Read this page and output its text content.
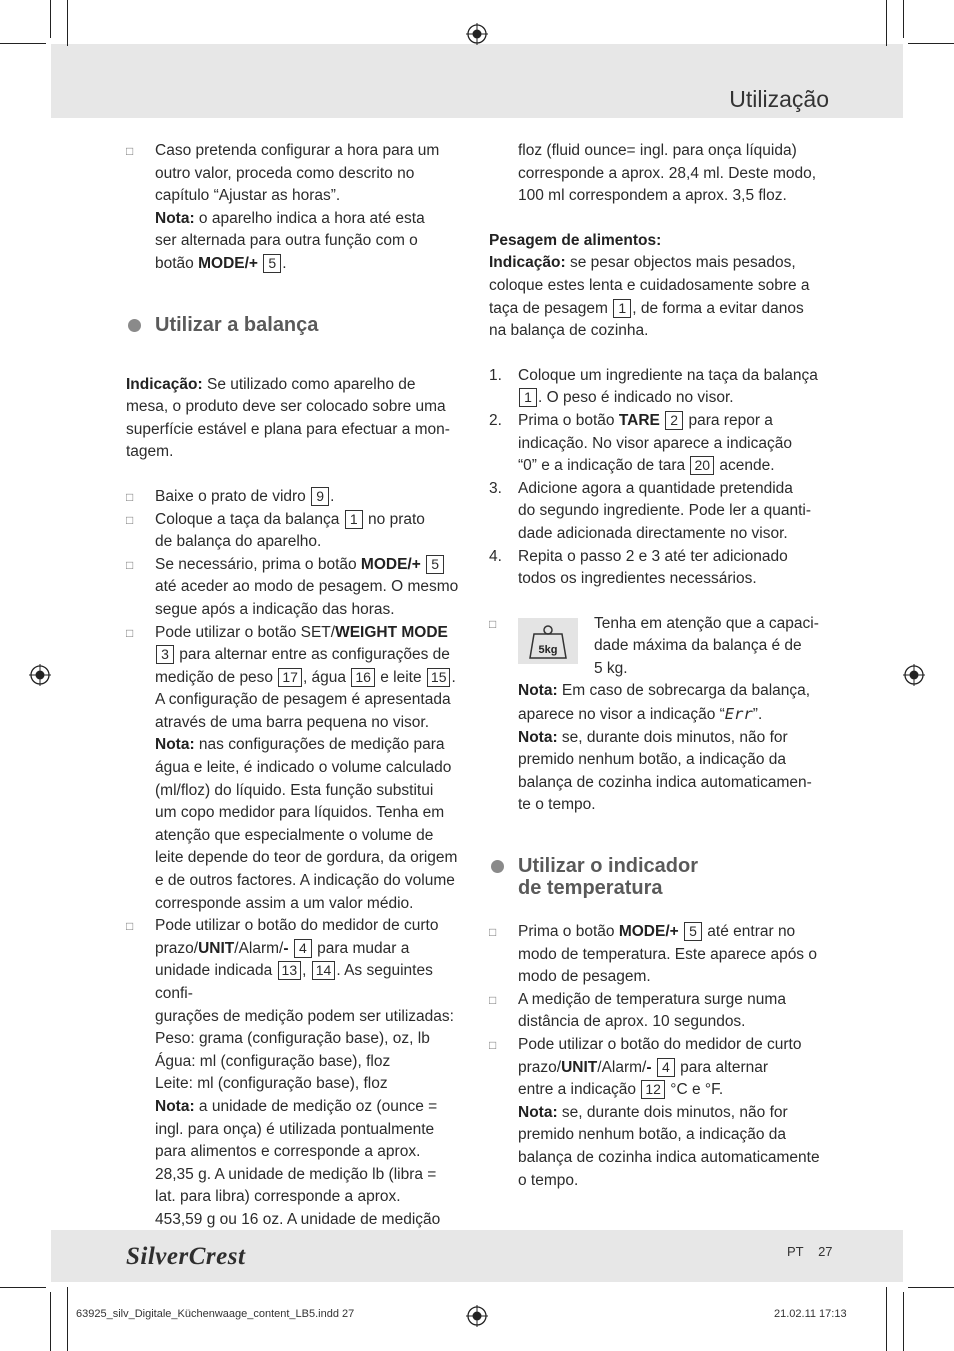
Utilização
□ Caso pretenda configurar a hora para um

outro valor, proceda como descrito no

capítulo “Ajustar as horas”.

Nota: o aparelho indica a hora até esta

ser alternada para outra função com o

botão MODE/+ 5 .

Utilizar a balança

Indicação: Se utilizado como aparelho de

mesa, o produto deve ser colocado sobre uma

superfície estável e plana para efectuar a mon-

tagem.

□ Baixe o prato de vidro 9 .

□ Coloque a taça da balança 1 no prato

de balança do aparelho.

□ Se necessário, prima o botão MODE/+ 5

até aceder ao modo de pesagem. O mesmo

segue após a indicação das horas.

□ Pode utilizar o botão SET/WEIGHT MODE

3 para alternar entre as configurações de

medição de peso 17 , água 16 e leite 15 .

A configuração de pesagem é apresentada

através de uma barra pequena no visor.

Nota: nas configurações de medição para

água e leite, é indicado o volume calculado

(ml/floz) do líquido. Esta função substitui

um copo medidor para líquidos. Tenha em

atenção que especialmente o volume de

leite depende do teor de gordura, da origem

e de outros factores. A indicação do volume

corresponde assim a um valor médio.

□ Pode utilizar o botão do medidor de curto

prazo/UNIT/Alarm/- 4 para mudar a

unidade indicada 13 , 14 . As seguintes confi-

gurações de medição podem ser utilizadas:

Peso: grama (configuração base), oz, lb

Água: ml (configuração base), floz

Leite: ml (configuração base), floz

Nota: a unidade de medição oz (ounce =

ingl. para onça) é utilizada pontualmente

para alimentos e corresponde a aprox.

28,35 g. A unidade de medição lb (libra =

lat. para libra) corresponde a aprox.

453,59 g ou 16 oz. A unidade de medição

floz (fluid ounce= ingl. para onça líquida)

corresponde a aprox. 28,4 ml. Deste modo,

100 ml correspondem a aprox. 3,5 floz.

Pesagem de alimentos:

Indicação: se pesar objectos mais pesados,

coloque estes lenta e cuidadosamente sobre a

taça de pesagem 1 , de forma a evitar danos

na balança de cozinha.

1. Coloque um ingrediente na taça da balança

1 . O peso é indicado no visor.

2. Prima o botão TARE 2 para repor a

indicação. No visor aparece a indicação

“0” e a indicação de tara 20 acende.

3. Adicione agora a quantidade pretendida

do segundo ingrediente. Pode ler a quanti-

dade adicionada directamente no visor.

4. Repita o passo 2 e 3 até ter adicionado

todos os ingredientes necessários.

□
5kg

Tenha em atenção que a capaci-

dade máxima da balança é de

5 kg.

Nota: Em caso de sobrecarga da balança,

aparece no visor a indicação “Err”.

Nota: se, durante dois minutos, não for

premido nenhum botão, a indicação da

balança de cozinha indica automaticamen-

te o tempo.

Utilizar o indicador
de temperatura
□ Prima o botão MODE/+ 5 até entrar no

modo de temperatura. Este aparece após o

modo de pesagem.

□ A medição de temperatura surge numa

distância de aprox. 10 segundos.

□ Pode utilizar o botão do medidor de curto

prazo/UNIT/Alarm/- 4 para alternar

entre a indicação 12 °C e °F.

Nota: se, durante dois minutos, não for

premido nenhum botão, a indicação da

balança de cozinha indica automaticamente

o tempo.

SilverCrest	PT 27
63925_silv_Digitale_Küchenwaage_content_LB5.indd 27	21.02.11 17:13
